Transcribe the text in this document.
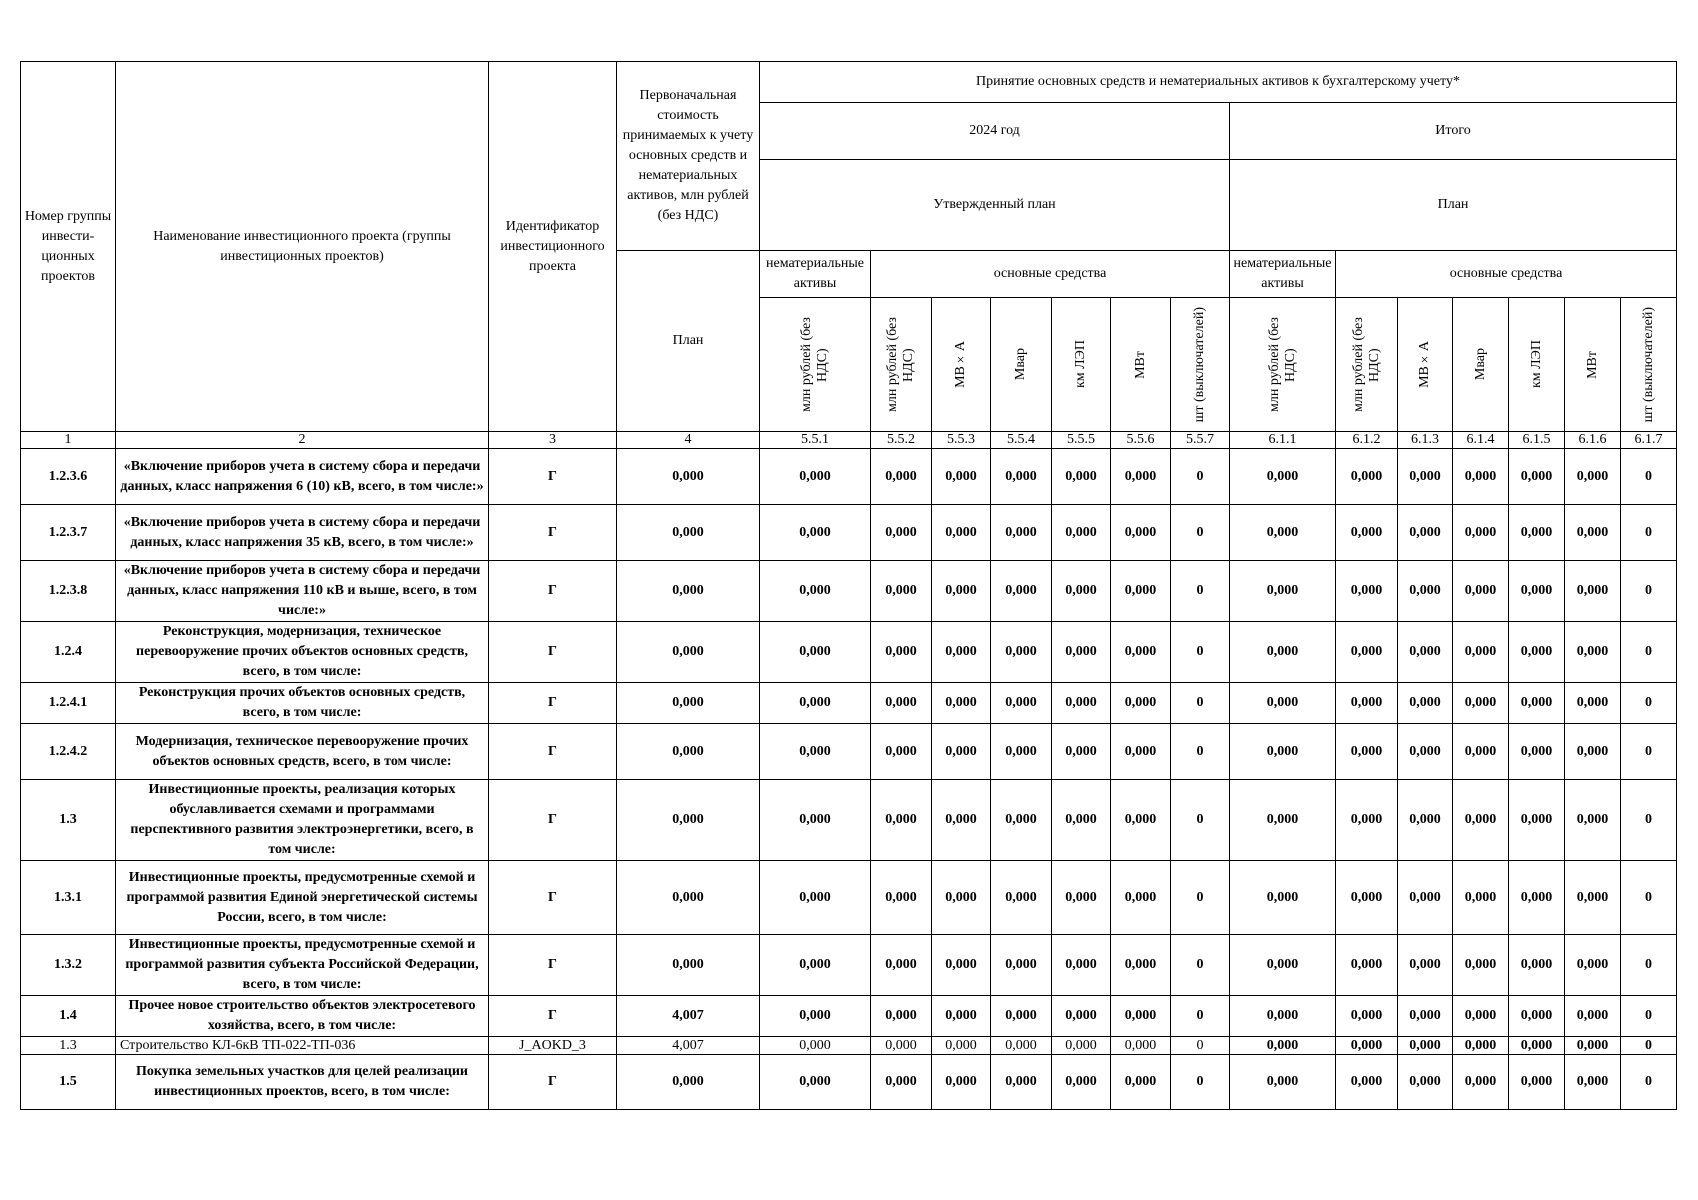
Номер группы инвести-ционных проектов	Наименование инвестиционного проекта (группы инвестиционных проектов)	Идентификатор инвестиционного проекта	Первоначальная стоимость принимаемых к учету основных средств и нематериальных активов, млн рублей (без НДС)	Принятие основных средств и нематериальных активов к бухгалтерскому учету*													
				2024 год							Итого						
				Утвержденный план							План						
			План	нематериальные активы	основные средства						нематериальные активы	основные средства					

				млн рублей (без НДС)	млн рублей (без НДС)	МВ×А	Мвар	км ЛЭП	МВт	шт (выключателей)	млн рублей (без НДС)	млн рублей (без НДС)	МВ×А	Мвар	км ЛЭП	МВт	шт (выключателей)

1	2	3	4	5.5.1	5.5.2	5.5.3	5.5.4	5.5.5	5.5.6	5.5.7	6.1.1	6.1.2	6.1.3	6.1.4	6.1.5	6.1.6	6.1.7
1.2.3.6	«Включение приборов учета в систему сбора и передачи данных, класс напряжения 6 (10) кВ, всего, в том числе:»	Г	0,000	0,000	0,000	0,000	0,000	0,000	0,000	0	0,000	0,000	0,000	0,000	0,000	0,000	0
1.2.3.7	«Включение приборов учета в систему сбора и передачи данных, класс напряжения 35 кВ, всего, в том числе:»	Г	0,000	0,000	0,000	0,000	0,000	0,000	0,000	0	0,000	0,000	0,000	0,000	0,000	0,000	0
1.2.3.8	«Включение приборов учета в систему сбора и передачи данных, класс напряжения 110 кВ и выше, всего, в том числе:»	Г	0,000	0,000	0,000	0,000	0,000	0,000	0,000	0	0,000	0,000	0,000	0,000	0,000	0,000	0
1.2.4	Реконструкция, модернизация, техническое перевооружение прочих объектов основных средств, всего, в том числе:	Г	0,000	0,000	0,000	0,000	0,000	0,000	0,000	0	0,000	0,000	0,000	0,000	0,000	0,000	0
1.2.4.1	Реконструкция прочих объектов основных средств, всего, в том числе:	Г	0,000	0,000	0,000	0,000	0,000	0,000	0,000	0	0,000	0,000	0,000	0,000	0,000	0,000	0
1.2.4.2	Модернизация, техническое перевооружение прочих объектов основных средств, всего, в том числе:	Г	0,000	0,000	0,000	0,000	0,000	0,000	0,000	0	0,000	0,000	0,000	0,000	0,000	0,000	0
1.3	Инвестиционные проекты, реализация которых обуславливается схемами и программами перспективного развития электроэнергетики, всего, в том числе:	Г	0,000	0,000	0,000	0,000	0,000	0,000	0,000	0	0,000	0,000	0,000	0,000	0,000	0,000	0
1.3.1	Инвестиционные проекты, предусмотренные схемой и программой развития Единой энергетической системы России, всего, в том числе:	Г	0,000	0,000	0,000	0,000	0,000	0,000	0,000	0	0,000	0,000	0,000	0,000	0,000	0,000	0
1.3.2	Инвестиционные проекты, предусмотренные схемой и программой развития субъекта Российской Федерации, всего, в том числе:	Г	0,000	0,000	0,000	0,000	0,000	0,000	0,000	0	0,000	0,000	0,000	0,000	0,000	0,000	0
1.4	Прочее новое строительство объектов электросетевого хозяйства, всего, в том числе:	Г	4,007	0,000	0,000	0,000	0,000	0,000	0,000	0	0,000	0,000	0,000	0,000	0,000	0,000	0
1.3	Строительство КЛ-6кВ ТП-022-ТП-036	J_AOKD_3	4,007	0,000	0,000	0,000	0,000	0,000	0,000	0	0,000	0,000	0,000	0,000	0,000	0,000	0
1.5	Покупка земельных участков для целей реализации инвестиционных проектов, всего, в том числе:	Г	0,000	0,000	0,000	0,000	0,000	0,000	0,000	0	0,000	0,000	0,000	0,000	0,000	0,000	0
